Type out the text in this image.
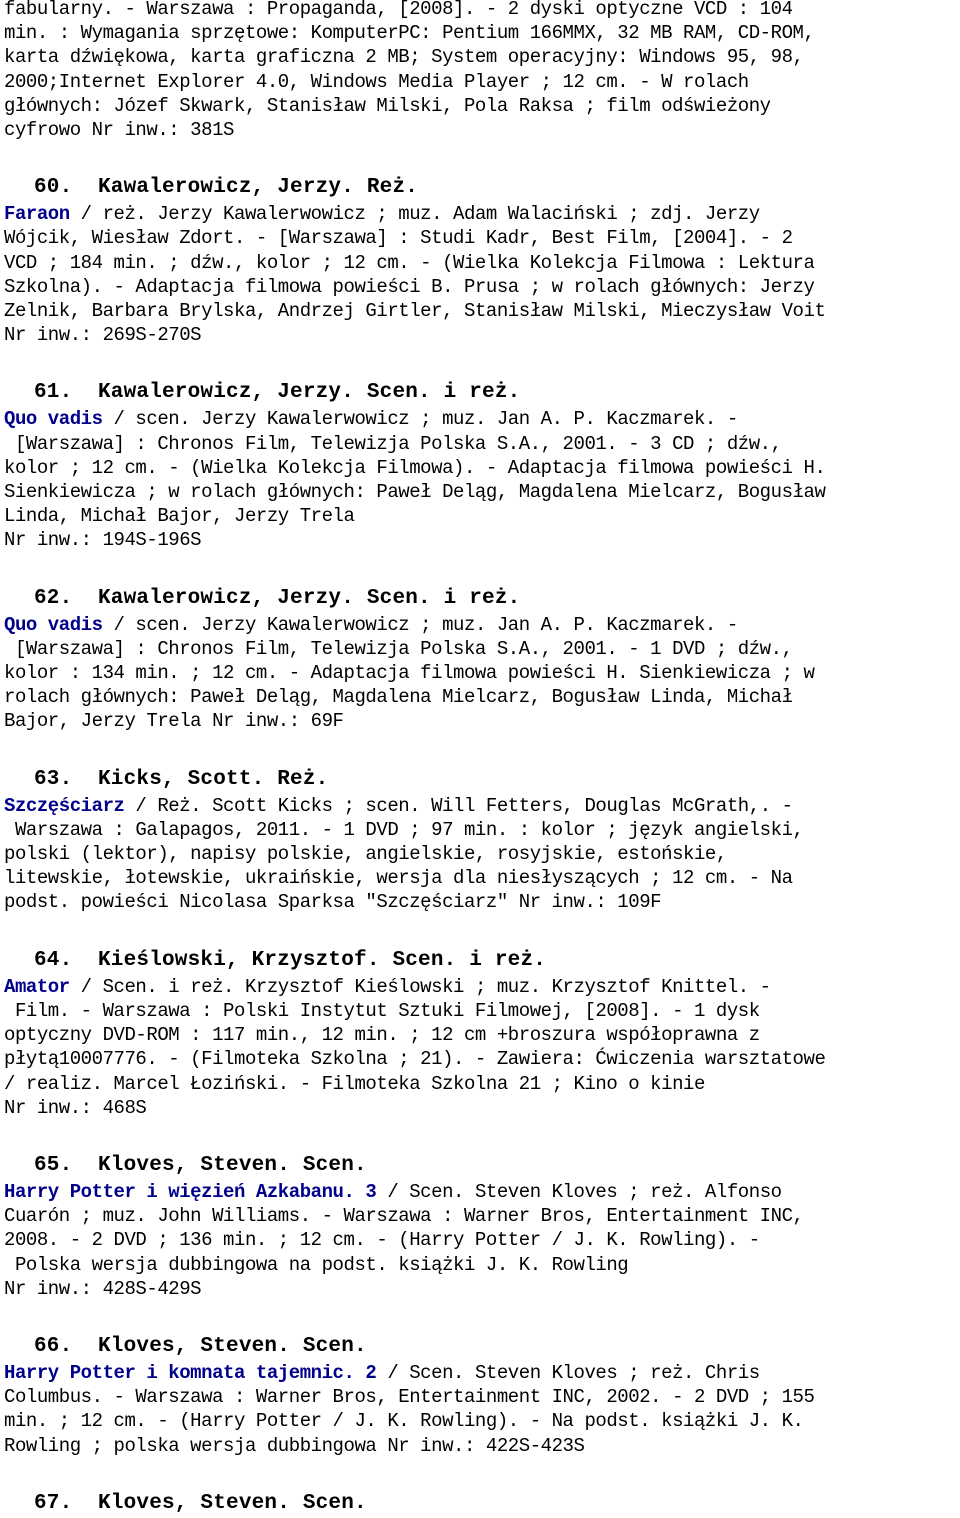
fabularny. - Warszawa : Propaganda, [2008]. - 2 dyski optyczne VCD : 104
min. : Wymagania sprzętowe: KomputerPC: Pentium 166MMX, 32 MB RAM, CD-ROM,
karta dźwiękowa, karta graficzna 2 MB; System operacyjny: Windows 95, 98,
2000;Internet Explorer 4.0, Windows Media Player ; 12 cm. - W rolach
głównych: Józef Skwark, Stanisław Milski, Pola Raksa ; film odświeżony
cyfrowo Nr inw.: 381S
60. Kawalerowicz, Jerzy. Reż.
Faraon / reż. Jerzy Kawalerwowicz ; muz. Adam Walaciński ; zdj. Jerzy
Wójcik, Wiesław Zdort. - [Warszawa] : Studi Kadr, Best Film, [2004]. - 2
VCD ; 184 min. ; dźw., kolor ; 12 cm. - (Wielka Kolekcja Filmowa : Lektura
Szkolna). - Adaptacja filmowa powieści B. Prusa ; w rolach głównych: Jerzy
Zelnik, Barbara Brylska, Andrzej Girtler, Stanisław Milski, Mieczysław Voit
Nr inw.: 269S-270S
61. Kawalerowicz, Jerzy. Scen. i reż.
Quo vadis / scen. Jerzy Kawalerwowicz ; muz. Jan A. P. Kaczmarek. -
[Warszawa] : Chronos Film, Telewizja Polska S.A., 2001. - 3 CD ; dźw.,
kolor ; 12 cm. - (Wielka Kolekcja Filmowa). - Adaptacja filmowa powieści H.
Sienkiewicza ; w rolach głównych: Paweł Deląg, Magdalena Mielcarz, Bogusław
Linda, Michał Bajor, Jerzy Trela
Nr inw.: 194S-196S
62. Kawalerowicz, Jerzy. Scen. i reż.
Quo vadis / scen. Jerzy Kawalerwowicz ; muz. Jan A. P. Kaczmarek. -
[Warszawa] : Chronos Film, Telewizja Polska S.A., 2001. - 1 DVD ; dźw.,
kolor : 134 min. ; 12 cm. - Adaptacja filmowa powieści H. Sienkiewicza ; w
rolach głównych: Paweł Deląg, Magdalena Mielcarz, Bogusław Linda, Michał
Bajor, Jerzy Trela Nr inw.: 69F
63. Kicks, Scott. Reż.
Szczęściarz / Reż. Scott Kicks ; scen. Will Fetters, Douglas McGrath,. -
Warszawa : Galapagos, 2011. - 1 DVD ; 97 min. : kolor ; język angielski,
polski (lektor), napisy polskie, angielskie, rosyjskie, estońskie,
litewskie, łotewskie, ukraińskie, wersja dla niesłyszących ; 12 cm. - Na
podst. powieści Nicolasa Sparksa "Szczęściarz" Nr inw.: 109F
64. Kieślowski, Krzysztof. Scen. i reż.
Amator / Scen. i reż. Krzysztof Kieślowski ; muz. Krzysztof Knittel. -
Film. - Warszawa : Polski Instytut Sztuki Filmowej, [2008]. - 1 dysk
optyczny DVD-ROM : 117 min., 12 min. ; 12 cm +broszura współoprawna z
płytą10007776. - (Filmoteka Szkolna ; 21). - Zawiera: Ćwiczenia warsztatowe
/ realiz. Marcel Łoziński. - Filmoteka Szkolna 21 ; Kino o kinie
Nr inw.: 468S
65. Kloves, Steven. Scen.
Harry Potter i więzień Azkabanu. 3 / Scen. Steven Kloves ; reż. Alfonso
Cuarón ; muz. John Williams. - Warszawa : Warner Bros, Entertainment INC,
2008. - 2 DVD ; 136 min. ; 12 cm. - (Harry Potter / J. K. Rowling). -
Polska wersja dubbingowa na podst. książki J. K. Rowling
Nr inw.: 428S-429S
66. Kloves, Steven. Scen.
Harry Potter i komnata tajemnic. 2 / Scen. Steven Kloves ; reż. Chris
Columbus. - Warszawa : Warner Bros, Entertainment INC, 2002. - 2 DVD ; 155
min. ; 12 cm. - (Harry Potter / J. K. Rowling). - Na podst. książki J. K.
Rowling ; polska wersja dubbingowa Nr inw.: 422S-423S
67. Kloves, Steven. Scen.
